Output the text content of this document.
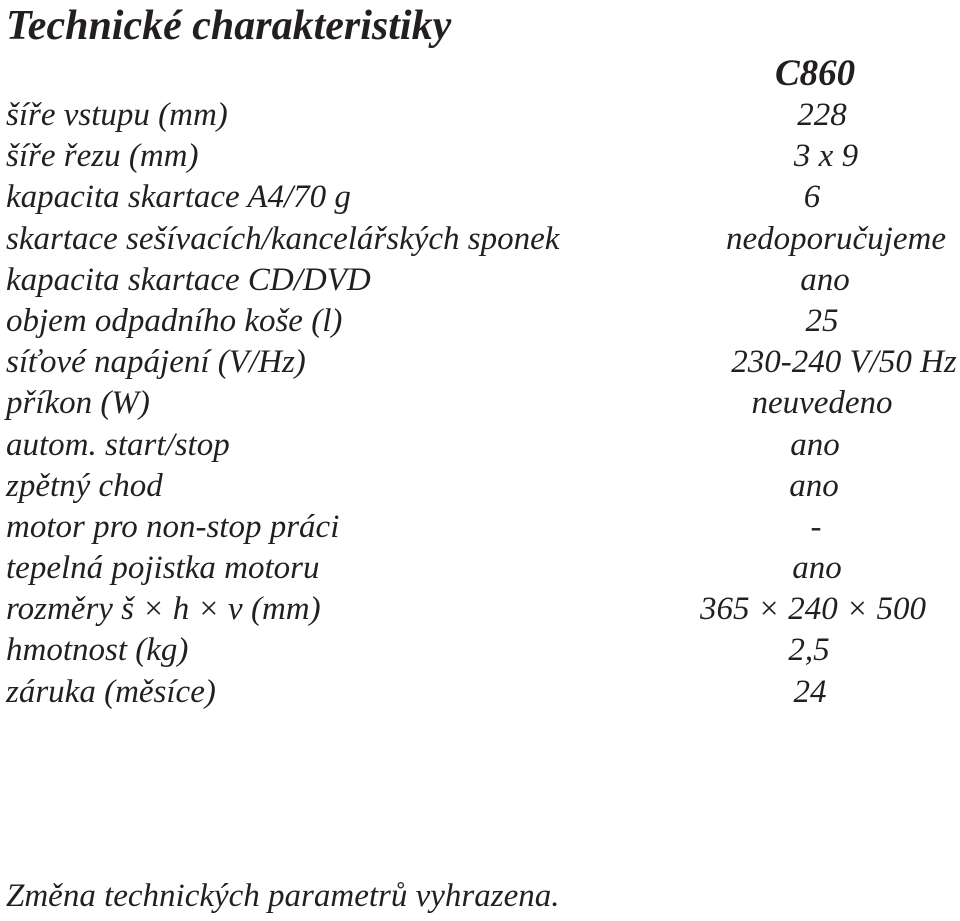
Technické charakteristiky
C860
šíře vstupu (mm)	228
šíře řezu (mm)	3 x 9
kapacita skartace A4/70 g	6
skartace sešívacích/kancelářských sponek	nedoporučujeme
kapacita skartace CD/DVD	ano
objem odpadního koše (l)	25
síťové napájení (V/Hz)	230-240 V/50 Hz
příkon (W)	neuvedeno
autom. start/stop	ano
zpětný chod	ano
motor pro non-stop práci	-
tepelná pojistka motoru	ano
rozměry š × h × v (mm)	365 × 240 × 500
hmotnost (kg)	2,5
záruka (měsíce)	24
Změna technických parametrů vyhrazena.
